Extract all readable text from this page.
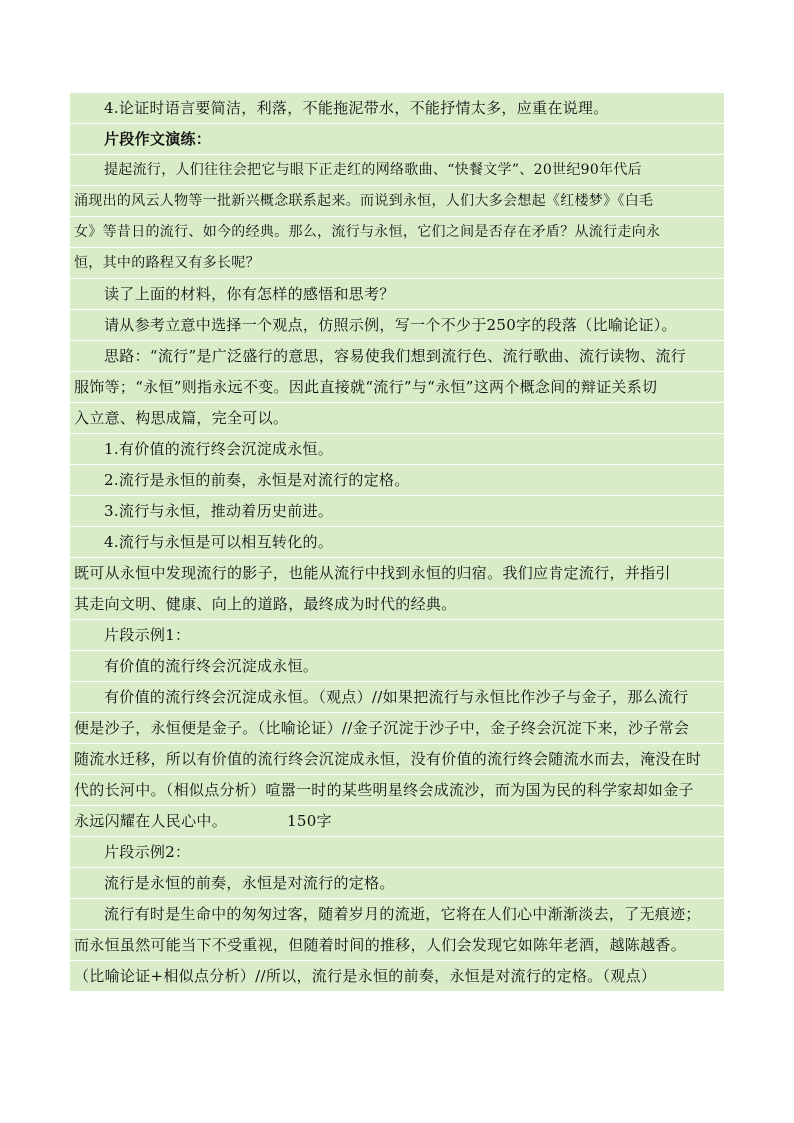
4.论证时语言要简洁，利落，不能拖泥带水，不能抒情太多，应重在说理。
片段作文演练：
提起流行，人们往往会把它与眼下正走红的网络歌曲、“快餐文学”、20世纪90年代后
涌现出的风云人物等一批新兴概念联系起来。而说到永恒，人们大多会想起《红楼梦》《白毛
女》等昔日的流行、如今的经典。那么，流行与永恒，它们之间是否存在矛盾？从流行走向永
恒，其中的路程又有多长呢？
读了上面的材料，你有怎样的感悟和思考？
请从参考立意中选择一个观点，仿照示例，写一个不少于250字的段落（比喻论证）。
思路：“流行”是广泛盛行的意思，容易使我们想到流行色、流行歌曲、流行读物、流行
服饰等；“永恒”则指永远不变。因此直接就“流行”与“永恒”这两个概念间的辩证关系切
入立意、构思成篇，完全可以。
1.有价值的流行终会沉淀成永恒。
2.流行是永恒的前奏，永恒是对流行的定格。
3.流行与永恒，推动着历史前进。
4.流行与永恒是可以相互转化的。
既可从永恒中发现流行的影子，也能从流行中找到永恒的归宿。我们应肯定流行，并指引
其走向文明、健康、向上的道路，最终成为时代的经典。
片段示例1：
有价值的流行终会沉淀成永恒。
有价值的流行终会沉淀成永恒。（观点）//如果把流行与永恒比作沙子与金子，那么流行
便是沙子，永恒便是金子。（比喻论证）//金子沉淀于沙子中，金子终会沉淀下来，沙子常会
随流水迁移，所以有价值的流行终会沉淀成永恒，没有价值的流行终会随流水而去，淹没在时
代的长河中。（相似点分析）喧嚣一时的某些明星终会成流沙，而为国为民的科学家却如金子
永远闪耀在人民心中。	150字
片段示例2：
流行是永恒的前奏，永恒是对流行的定格。
流行有时是生命中的匆匆过客，随着岁月的流逝，它将在人们心中渐渐淡去，了无痕迹；
而永恒虽然可能当下不受重视，但随着时间的推移，人们会发现它如陈年老酒，越陈越香。
（比喻论证+相似点分析）//所以，流行是永恒的前奏，永恒是对流行的定格。（观点）
